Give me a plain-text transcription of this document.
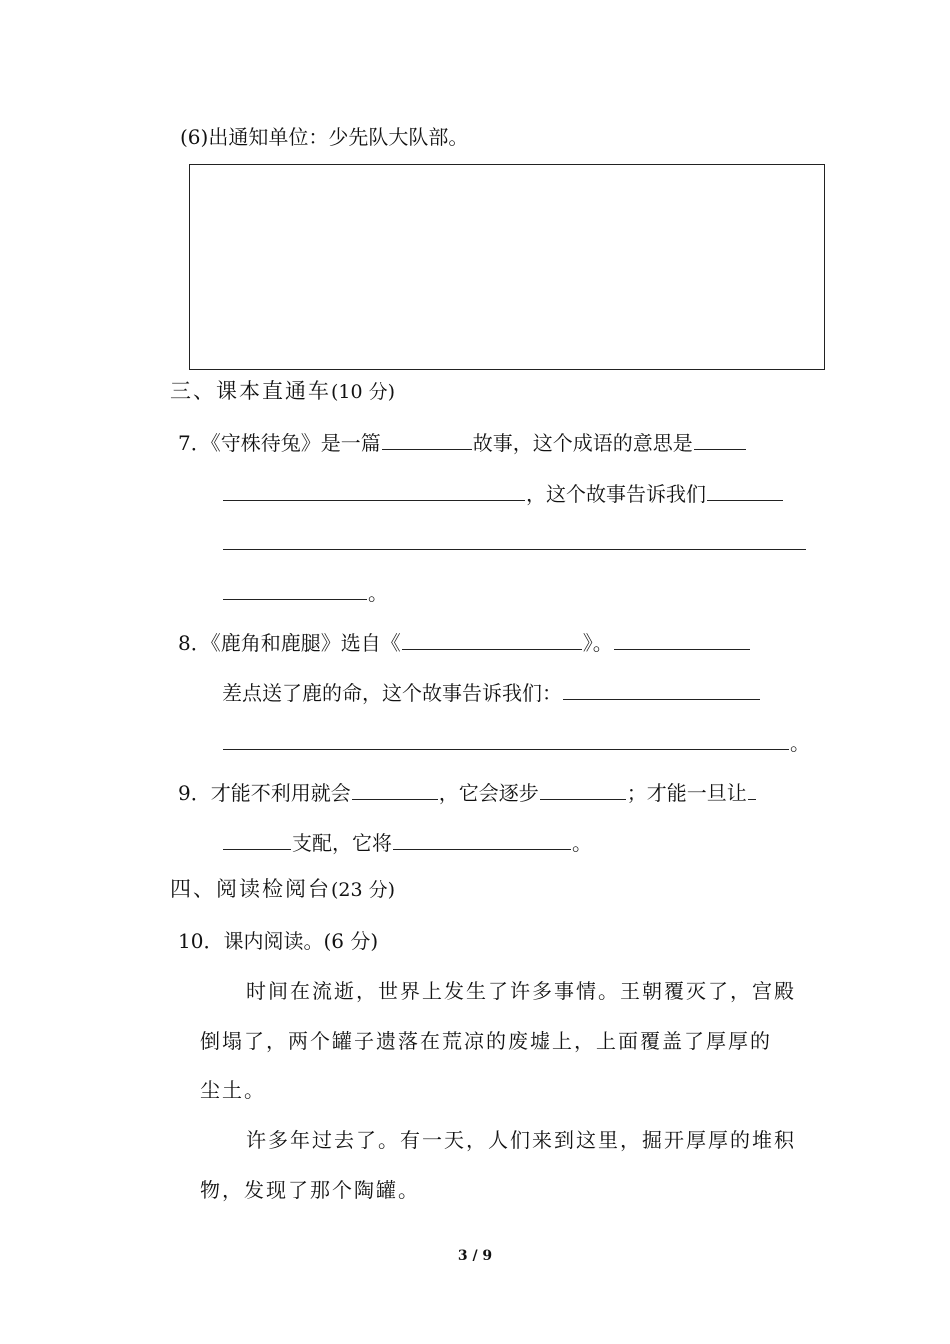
(6)出通知单位：少先队大队部。
三、课本直通车(10 分)
7．《守株待兔》是一篇	故事，这个成语的意思是
，这个故事告诉我们
。
8．《鹿角和鹿腿》选自《	》。
差点送了鹿的命，这个故事告诉我们：
。
9．才能不利用就会	，它会逐步	；才能一旦让
支配，它将	。
四、阅读检阅台(23 分)
10．课内阅读。(6 分)
时间在流逝，世界上发生了许多事情。王朝覆灭了，宫殿
倒塌了，两个罐子遗落在荒凉的废墟上，上面覆盖了厚厚的
尘土。
许多年过去了。有一天，人们来到这里，掘开厚厚的堆积
物，发现了那个陶罐。
3 / 9
